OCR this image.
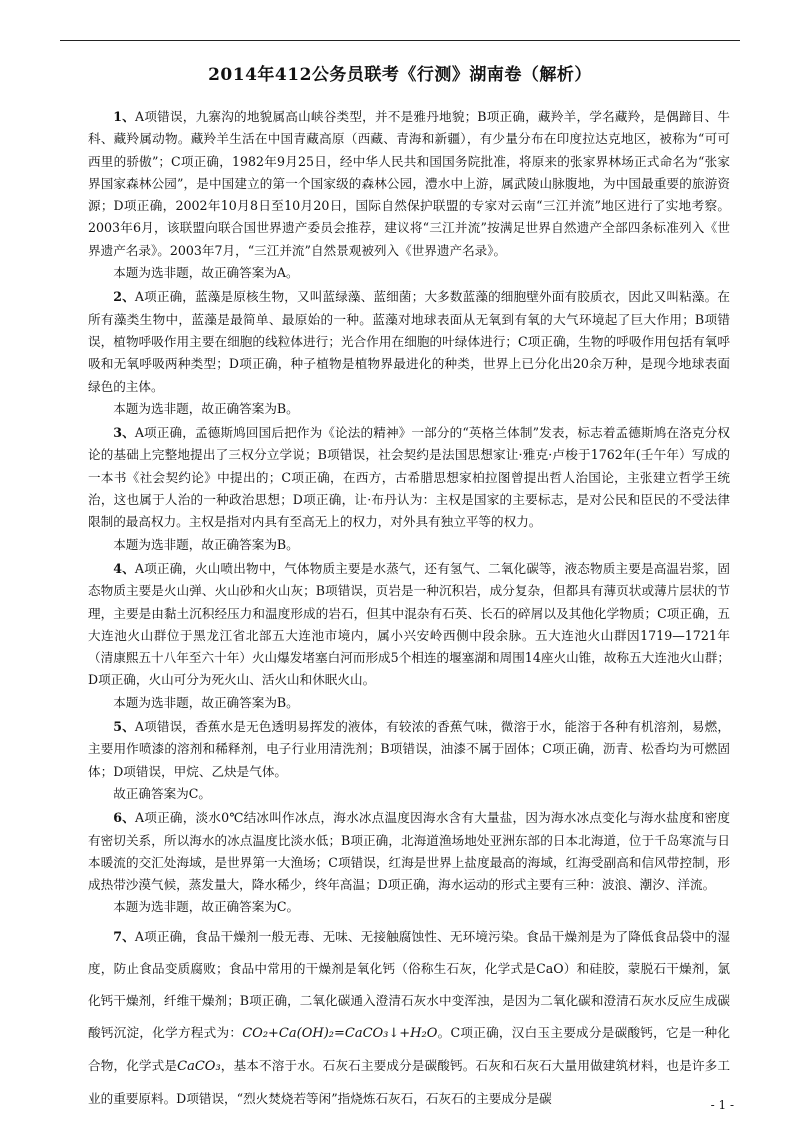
2014年412公务员联考《行测》湖南卷（解析）

1、A项错误，九寨沟的地貌属高山峡谷类型，并不是雅丹地貌；B项正确，藏羚羊，学名藏羚，是偶蹄目、牛科、藏羚属动物。藏羚羊生活在中国青藏高原（西藏、青海和新疆），有少量分布在印度拉达克地区，被称为“可可西里的骄傲”；C项正确，1982年9月25日，经中华人民共和国国务院批准，将原来的张家界林场正式命名为“张家界国家森林公园”，是中国建立的第一个国家级的森林公园，澧水中上游，属武陵山脉腹地，为中国最重要的旅游资源；D项正确，2002年10月8日至10月20日，国际自然保护联盟的专家对云南“三江并流”地区进行了实地考察。2003年6月，该联盟向联合国世界遗产委员会推荐，建议将“三江并流”按满足世界自然遗产全部四条标准列入《世界遗产名录》。2003年7月，“三江并流”自然景观被列入《世界遗产名录》。

本题为选非题，故正确答案为A。

2、A项正确，蓝藻是原核生物，又叫蓝绿藻、蓝细菌；大多数蓝藻的细胞壁外面有胶质衣，因此又叫粘藻。在所有藻类生物中，蓝藻是最简单、最原始的一种。蓝藻对地球表面从无氧到有氧的大气环境起了巨大作用；B项错误，植物呼吸作用主要在细胞的线粒体进行；光合作用在细胞的叶绿体进行；C项正确，生物的呼吸作用包括有氧呼吸和无氧呼吸两种类型；D项正确，种子植物是植物界最进化的种类，世界上已分化出20余万种，是现今地球表面绿色的主体。

本题为选非题，故正确答案为B。

3、A项正确，孟德斯鸠回国后把作为《论法的精神》一部分的“英格兰体制”发表，标志着孟德斯鸠在洛克分权论的基础上完整地提出了三权分立学说；B项错误，社会契约是法国思想家让·雅克·卢梭于1762年(壬午年）写成的一本书《社会契约论》中提出的；C项正确，在西方，古希腊思想家柏拉图曾提出哲人治国论，主张建立哲学王统治，这也属于人治的一种政治思想；D项正确，让·布丹认为：主权是国家的主要标志，是对公民和臣民的不受法律限制的最高权力。主权是指对内具有至高无上的权力，对外具有独立平等的权力。

本题为选非题，故正确答案为B。

4、A项正确，火山喷出物中，气体物质主要是水蒸气，还有氢气、二氧化碳等，液态物质主要是高温岩浆，固态物质主要是火山弹、火山砂和火山灰；B项错误，页岩是一种沉积岩，成分复杂，但都具有薄页状或薄片层状的节理，主要是由黏土沉积经压力和温度形成的岩石，但其中混杂有石英、长石的碎屑以及其他化学物质；C项正确，五大连池火山群位于黑龙江省北部五大连池市境内，属小兴安岭西侧中段余脉。五大连池火山群因1719—1721年（清康熙五十八年至六十年）火山爆发堵塞白河而形成5个相连的堰塞湖和周围14座火山锥，故称五大连池火山群；D项正确，火山可分为死火山、活火山和休眠火山。

本题为选非题，故正确答案为B。

5、A项错误，香蕉水是无色透明易挥发的液体，有较浓的香蕉气味，微溶于水，能溶于各种有机溶剂，易燃，主要用作喷漆的溶剂和稀释剂，电子行业用清洗剂；B项错误，油漆不属于固体；C项正确，沥青、松香均为可燃固体；D项错误，甲烷、乙炔是气体。

故正确答案为C。

6、A项正确，淡水0℃结冰叫作冰点，海水冰点温度因海水含有大量盐，因为海水冰点变化与海水盐度和密度有密切关系，所以海水的冰点温度比淡水低；B项正确，北海道渔场地处亚洲东部的日本北海道，位于千岛寒流与日本暖流的交汇处海域，是世界第一大渔场；C项错误，红海是世界上盐度最高的海域，红海受副高和信风带控制，形成热带沙漠气候，蒸发量大，降水稀少，终年高温；D项正确，海水运动的形式主要有三种：波浪、潮汐、洋流。

本题为选非题，故正确答案为C。

7、A项正确，食品干燥剂一般无毒、无味、无接触腐蚀性、无环境污染。食品干燥剂是为了降低食品袋中的湿度，防止食品变质腐败；食品中常用的干燥剂是氧化钙（俗称生石灰，化学式是CaO）和硅胶，蒙脱石干燥剂，氯化钙干燥剂，纤维干燥剂；B项正确，二氧化碳通入澄清石灰水中变浑浊，是因为二氧化碳和澄清石灰水反应生成碳酸钙沉淀，化学方程式为：CO₂+Ca(OH)₂=CaCO₃↓+H₂O。C项正确，汉白玉主要成分是碳酸钙，它是一种化合物，化学式是CaCO₃，基本不溶于水。石灰石主要成分是碳酸钙。石灰和石灰石大量用做建筑材料，也是许多工业的重要原料。D项错误，“烈火焚烧若等闲”指烧炼石灰石，石灰石的主要成分是碳	- 1 -
